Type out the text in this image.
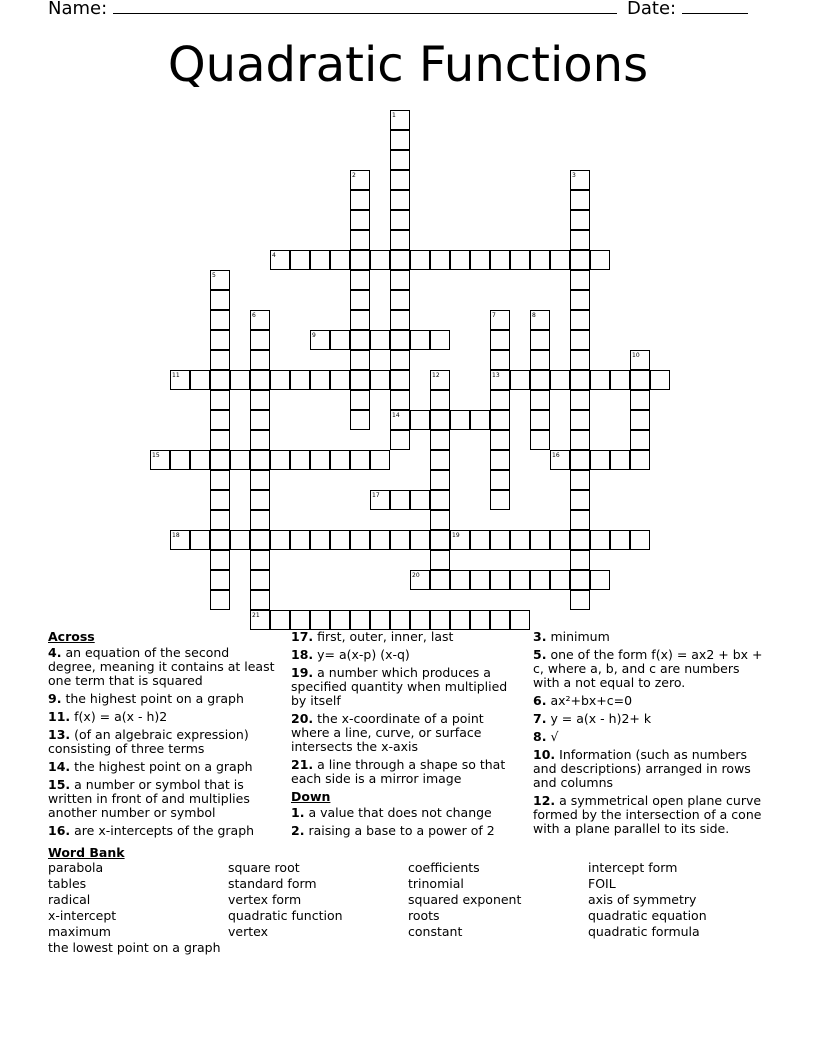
Name:	Date:
Quadratic Functions
1
14
2	3
4
5
6	7
13
8
9
10
11	12
15	16
17
18	19
20
21
Across
4. an equation of the second degree, meaning it contains at least one term that is squared
9. the highest point on a graph
11. f(x) = a(x - h)2
13. (of an algebraic expression) consisting of three terms
14. the highest point on a graph
15. a number or symbol that is written in front of and multiplies another number or symbol
16. are x-intercepts of the graph
17. first, outer, inner, last
18. y= a(x-p) (x-q)
19. a number which produces a specified quantity when multiplied by itself
20. the x-coordinate of a point where a line, curve, or surface intersects the x-axis
21. a line through a shape so that each side is a mirror image
Down
1. a value that does not change
2. raising a base to a power of 2
3. minimum
5. one of the form f(x) = ax2 + bx + c, where a, b, and c are numbers with a not equal to zero.
6. ax²+bx+c=0
7. y = a(x - h)2+ k
8. √
10. Information (such as numbers and descriptions) arranged in rows and columns
12. a symmetrical open plane curve formed by the intersection of a cone with a plane parallel to its side.
Word Bank
parabola
tables
radical
x-intercept
maximum
the lowest point on a graph
square root
standard form
vertex form
quadratic function
vertex
coefficients
trinomial
squared exponent
roots
constant
intercept form
FOIL
axis of symmetry
quadratic equation
quadratic formula
